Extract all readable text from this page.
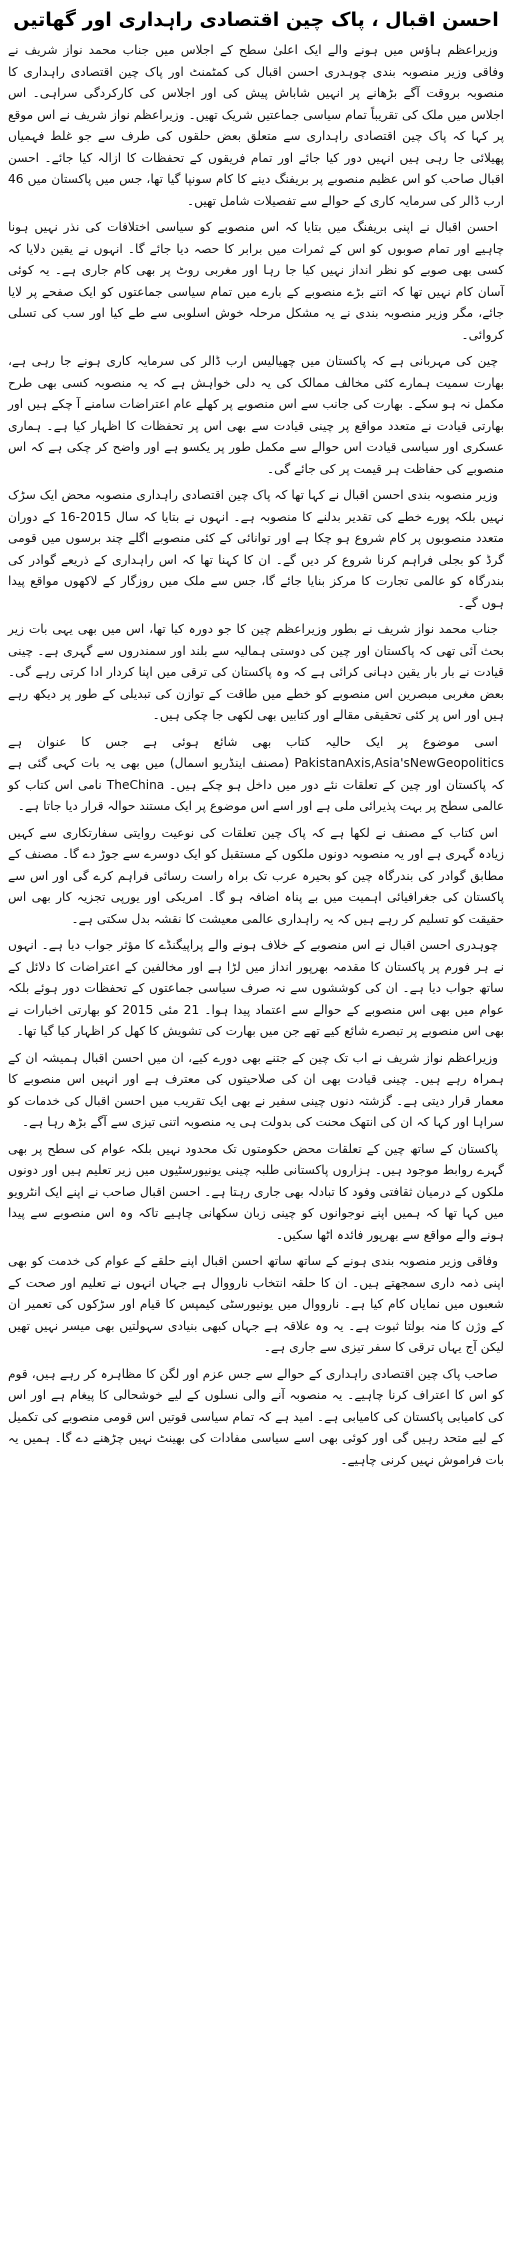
احسن اقبال ، پاک چین اقتصادی راہداری اور گھاتیں

وزیراعظم ہاؤس میں ہونے والے ایک اعلیٰ سطح کے اجلاس میں جناب محمد نواز شریف نے وفاقی وزیر منصوبہ بندی چوہدری احسن اقبال کی کمٹمنٹ اور پاک چین اقتصادی راہداری کا منصوبہ بروقت آگے بڑھانے پر انہیں شاباش پیش کی اور اجلاس کی کارکردگی سراہی۔ اس اجلاس میں ملک کی تقریباً تمام سیاسی جماعتیں شریک تھیں۔ وزیراعظم نواز شریف نے اس موقع پر کہا کہ پاک چین اقتصادی راہداری سے متعلق بعض حلقوں کی طرف سے جو غلط فہمیاں پھیلائی جا رہی ہیں انہیں دور کیا جائے اور تمام فریقوں کے تحفظات کا ازالہ کیا جائے۔ احسن اقبال صاحب کو اس عظیم منصوبے پر بریفنگ دینے کا کام سونپا گیا تھا، جس میں پاکستان میں 46 ارب ڈالر کی سرمایہ کاری کے حوالے سے تفصیلات شامل تھیں۔

احسن اقبال نے اپنی بریفنگ میں بتایا کہ اس منصوبے کو سیاسی اختلافات کی نذر نہیں ہونا چاہیے اور تمام صوبوں کو اس کے ثمرات میں برابر کا حصہ دیا جائے گا۔ انہوں نے یقین دلایا کہ کسی بھی صوبے کو نظر انداز نہیں کیا جا رہا اور مغربی روٹ پر بھی کام جاری ہے۔ یہ کوئی آسان کام نہیں تھا کہ اتنے بڑے منصوبے کے بارے میں تمام سیاسی جماعتوں کو ایک صفحے پر لایا جائے، مگر وزیر منصوبہ بندی نے یہ مشکل مرحلہ خوش اسلوبی سے طے کیا اور سب کی تسلی کروائی۔

چین کی مہربانی ہے کہ پاکستان میں چھیالیس ارب ڈالر کی سرمایہ کاری ہونے جا رہی ہے، بھارت سمیت ہمارے کئی مخالف ممالک کی یہ دلی خواہش ہے کہ یہ منصوبہ کسی بھی طرح مکمل نہ ہو سکے۔ بھارت کی جانب سے اس منصوبے پر کھلے عام اعتراضات سامنے آ چکے ہیں اور بھارتی قیادت نے متعدد مواقع پر چینی قیادت سے بھی اس پر تحفظات کا اظہار کیا ہے۔ ہماری عسکری اور سیاسی قیادت اس حوالے سے مکمل طور پر یکسو ہے اور واضح کر چکی ہے کہ اس منصوبے کی حفاظت ہر قیمت پر کی جائے گی۔

وزیر منصوبہ بندی احسن اقبال نے کہا تھا کہ پاک چین اقتصادی راہداری منصوبہ محض ایک سڑک نہیں بلکہ پورے خطے کی تقدیر بدلنے کا منصوبہ ہے۔ انہوں نے بتایا کہ سال 2015-16 کے دوران متعدد منصوبوں پر کام شروع ہو چکا ہے اور توانائی کے کئی منصوبے اگلے چند برسوں میں قومی گرڈ کو بجلی فراہم کرنا شروع کر دیں گے۔ ان کا کہنا تھا کہ اس راہداری کے ذریعے گوادر کی بندرگاہ کو عالمی تجارت کا مرکز بنایا جائے گا، جس سے ملک میں روزگار کے لاکھوں مواقع پیدا ہوں گے۔

جناب محمد نواز شریف نے بطور وزیراعظم چین کا جو دورہ کیا تھا، اس میں بھی یہی بات زیر بحث آئی تھی کہ پاکستان اور چین کی دوستی ہمالیہ سے بلند اور سمندروں سے گہری ہے۔ چینی قیادت نے بار بار یقین دہانی کرائی ہے کہ وہ پاکستان کی ترقی میں اپنا کردار ادا کرتی رہے گی۔ بعض مغربی مبصرین اس منصوبے کو خطے میں طاقت کے توازن کی تبدیلی کے طور پر دیکھ رہے ہیں اور اس پر کئی تحقیقی مقالے اور کتابیں بھی لکھی جا چکی ہیں۔

اسی موضوع پر ایک حالیہ کتاب بھی شائع ہوئی ہے جس کا عنوان ہے PakistanAxis,Asia'sNewGeopolitics (مصنف اینڈریو اسمال) میں بھی یہ بات کہی گئی ہے کہ پاکستان اور چین کے تعلقات نئے دور میں داخل ہو چکے ہیں۔ TheChina نامی اس کتاب کو عالمی سطح پر بہت پذیرائی ملی ہے اور اسے اس موضوع پر ایک مستند حوالہ قرار دیا جاتا ہے۔

اس کتاب کے مصنف نے لکھا ہے کہ پاک چین تعلقات کی نوعیت روایتی سفارتکاری سے کہیں زیادہ گہری ہے اور یہ منصوبہ دونوں ملکوں کے مستقبل کو ایک دوسرے سے جوڑ دے گا۔ مصنف کے مطابق گوادر کی بندرگاہ چین کو بحیرہ عرب تک براہ راست رسائی فراہم کرے گی اور اس سے پاکستان کی جغرافیائی اہمیت میں بے پناہ اضافہ ہو گا۔ امریکی اور یورپی تجزیہ کار بھی اس حقیقت کو تسلیم کر رہے ہیں کہ یہ راہداری عالمی معیشت کا نقشہ بدل سکتی ہے۔

چوہدری احسن اقبال نے اس منصوبے کے خلاف ہونے والے پراپیگنڈے کا مؤثر جواب دیا ہے۔ انہوں نے ہر فورم پر پاکستان کا مقدمہ بھرپور انداز میں لڑا ہے اور مخالفین کے اعتراضات کا دلائل کے ساتھ جواب دیا ہے۔ ان کی کوششوں سے نہ صرف سیاسی جماعتوں کے تحفظات دور ہوئے بلکہ عوام میں بھی اس منصوبے کے حوالے سے اعتماد پیدا ہوا۔ 21 مئی 2015 کو بھارتی اخبارات نے بھی اس منصوبے پر تبصرے شائع کیے تھے جن میں بھارت کی تشویش کا کھل کر اظہار کیا گیا تھا۔

وزیراعظم نواز شریف نے اب تک چین کے جتنے بھی دورے کیے، ان میں احسن اقبال ہمیشہ ان کے ہمراہ رہے ہیں۔ چینی قیادت بھی ان کی صلاحیتوں کی معترف ہے اور انہیں اس منصوبے کا معمار قرار دیتی ہے۔ گزشتہ دنوں چینی سفیر نے بھی ایک تقریب میں احسن اقبال کی خدمات کو سراہا اور کہا کہ ان کی انتھک محنت کی بدولت ہی یہ منصوبہ اتنی تیزی سے آگے بڑھ رہا ہے۔

پاکستان کے ساتھ چین کے تعلقات محض حکومتوں تک محدود نہیں بلکہ عوام کی سطح پر بھی گہرے روابط موجود ہیں۔ ہزاروں پاکستانی طلبہ چینی یونیورسٹیوں میں زیر تعلیم ہیں اور دونوں ملکوں کے درمیان ثقافتی وفود کا تبادلہ بھی جاری رہتا ہے۔ احسن اقبال صاحب نے اپنے ایک انٹرویو میں کہا تھا کہ ہمیں اپنے نوجوانوں کو چینی زبان سکھانی چاہیے تاکہ وہ اس منصوبے سے پیدا ہونے والے مواقع سے بھرپور فائدہ اٹھا سکیں۔

وفاقی وزیر منصوبہ بندی ہونے کے ساتھ ساتھ احسن اقبال اپنے حلقے کے عوام کی خدمت کو بھی اپنی ذمہ داری سمجھتے ہیں۔ ان کا حلقہ انتخاب نارووال ہے جہاں انہوں نے تعلیم اور صحت کے شعبوں میں نمایاں کام کیا ہے۔ نارووال میں یونیورسٹی کیمپس کا قیام اور سڑکوں کی تعمیر ان کے وژن کا منہ بولتا ثبوت ہے۔ یہ وہ علاقہ ہے جہاں کبھی بنیادی سہولتیں بھی میسر نہیں تھیں لیکن آج یہاں ترقی کا سفر تیزی سے جاری ہے۔

صاحب پاک چین اقتصادی راہداری کے حوالے سے جس عزم اور لگن کا مظاہرہ کر رہے ہیں، قوم کو اس کا اعتراف کرنا چاہیے۔ یہ منصوبہ آنے والی نسلوں کے لیے خوشحالی کا پیغام ہے اور اس کی کامیابی پاکستان کی کامیابی ہے۔ امید ہے کہ تمام سیاسی قوتیں اس قومی منصوبے کی تکمیل کے لیے متحد رہیں گی اور کوئی بھی اسے سیاسی مفادات کی بھینٹ نہیں چڑھنے دے گا۔ ہمیں یہ بات فراموش نہیں کرنی چاہیے۔
